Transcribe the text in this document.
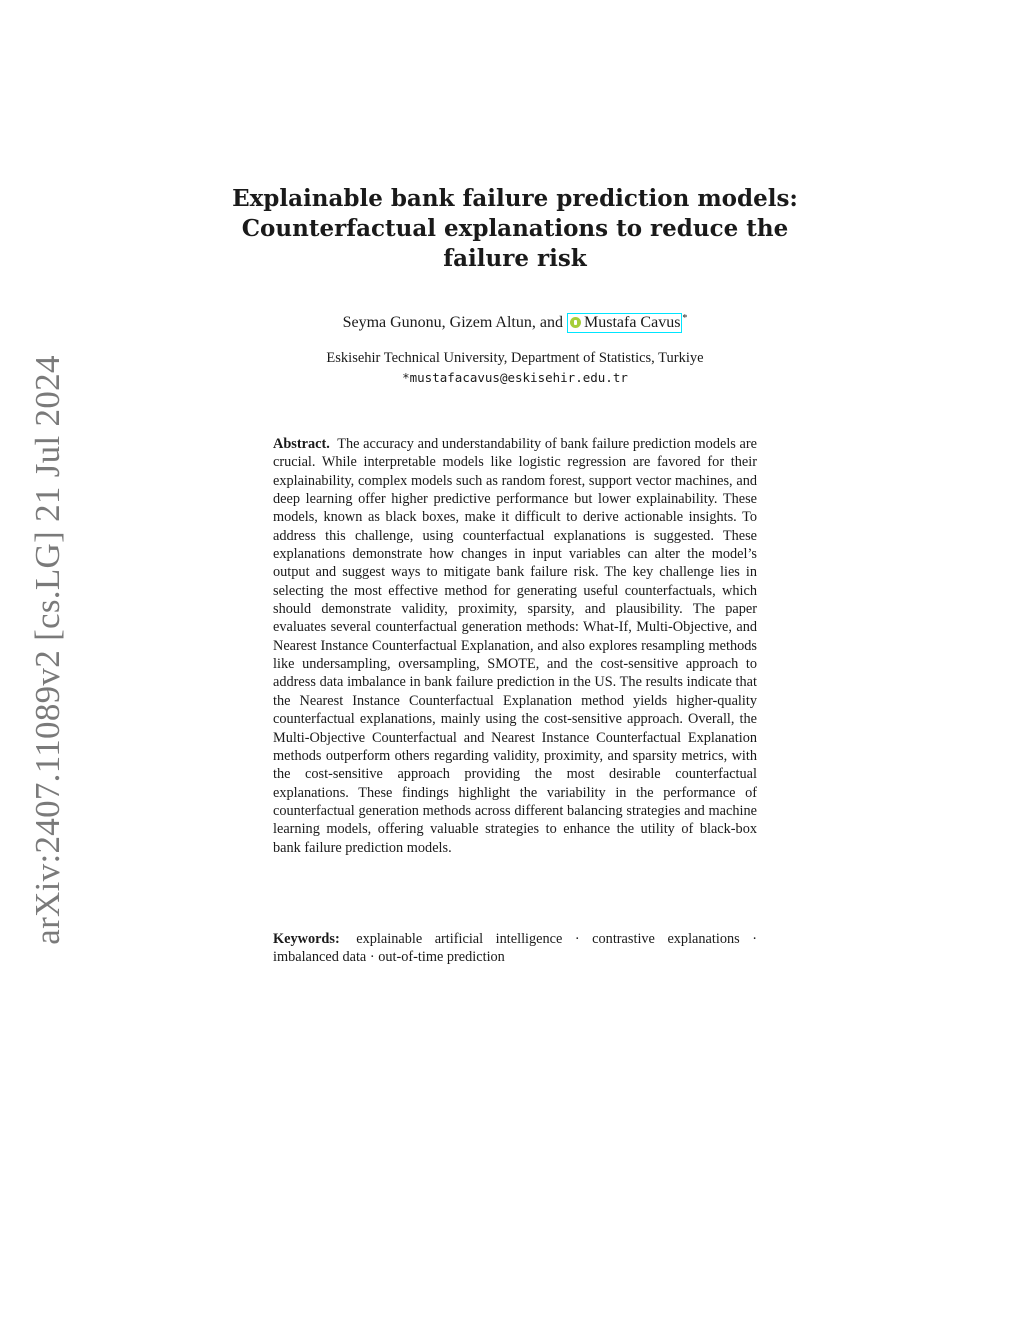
arXiv:2407.11089v2 [cs.LG] 21 Jul 2024
Explainable bank failure prediction models:
Counterfactual explanations to reduce the
failure risk
Seyma Gunonu, Gizem Altun, and Mustafa Cavus *
Eskisehir Technical University, Department of Statistics, Turkiye
*mustafacavus@eskisehir.edu.tr

Abstract. The accuracy and understandability of bank failure prediction models are crucial. While interpretable models like logistic regression are favored for their explainability, complex models such as random forest, support vector machines, and deep learning offer higher predictive performance but lower explainability. These models, known as black boxes, make it difficult to derive actionable insights. To address this challenge, using counterfactual explanations is suggested. These explanations demonstrate how changes in input variables can alter the model’s output and suggest ways to mitigate bank failure risk. The key challenge lies in selecting the most effective method for generating useful counterfactuals, which should demonstrate validity, proximity, sparsity, and plausibility. The paper evaluates several counterfactual generation methods: What-If, Multi-Objective, and Nearest Instance Counterfactual Explanation, and also explores resampling methods like undersampling, oversampling, SMOTE, and the cost-sensitive approach to address data imbalance in bank failure prediction in the US. The results indicate that the Nearest Instance Counterfactual Explanation method yields higher-quality counterfactual explanations, mainly using the cost-sensitive approach. Overall, the Multi-Objective Counterfactual and Nearest Instance Counterfactual Explanation methods outperform others regarding validity, proximity, and sparsity metrics, with the cost-sensitive approach providing the most desirable counterfactual explanations. These findings highlight the variability in the performance of counterfactual generation methods across different balancing strategies and machine learning models, offering valuable strategies to enhance the utility of black-box bank failure prediction models.

Keywords: explainable artificial intelligence · contrastive explanations · imbalanced data · out-of-time prediction
